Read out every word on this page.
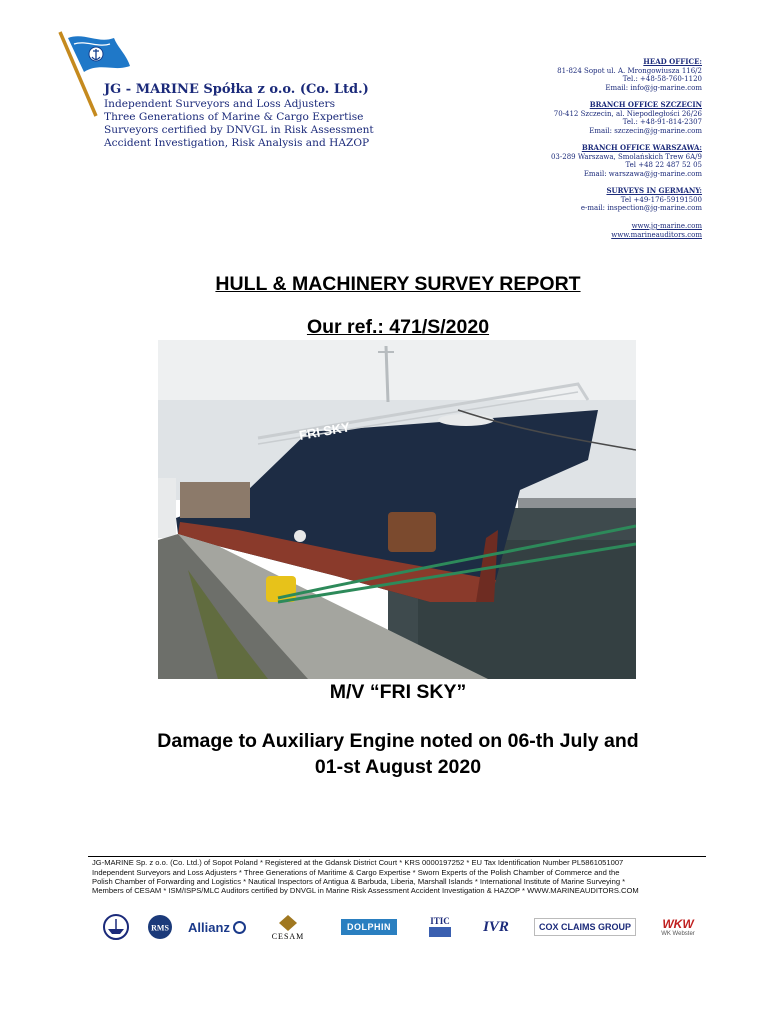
JG - MARINE Spółka z o.o. (Co. Ltd.)
Independent Surveyors and Loss Adjusters
Three Generations of Marine & Cargo Expertise
Surveyors certified by DNVGL in Risk Assessment
Accident Investigation, Risk Analysis and HAZOP
HEAD OFFICE:
81-824 Sopot ul. A. Mrongowiusza 116/2
Tel.: +48-58-760-1120
Email: info@jg-marine.com
BRANCH OFFICE SZCZECIN
70-412 Szczecin, al. Niepodległości 26/26
Tel.: +48-91-814-2307
Email: szczecin@jg-marine.com
BRANCH OFFICE WARSZAWA:
03-289 Warszawa, Smolańskich Trew 6A/9
Tel +48 22 487 52 05
Email: warszawa@jg-marine.com
SURVEYS IN GERMANY:
Tel +49-176-59191500
e-mail: inspection@jg-marine.com
www.jg-marine.com
www.marineauditors.com
HULL & MACHINERY SURVEY REPORT
Our ref.: 471/S/2020
FRI SKY
M/V “FRI SKY”
Damage to Auxiliary Engine noted on 06-th July and
01-st August 2020
JG-MARINE Sp. z o.o. (Co. Ltd.) of Sopot Poland * Registered at the Gdansk District Court * KRS 0000197252 * EU Tax Identification Number PL5861051007
Independent Surveyors and Loss Adjusters * Three Generations of Maritime & Cargo Expertise * Sworn Experts of the Polish Chamber of Commerce and the
Polish Chamber of Forwarding and Logistics * Nautical Inspectors of Antigua & Barbuda, Liberia, Marshall Islands * International Institute of Marine Surveying *
Members of CESAM * ISM/ISPS/MLC Auditors certified by DNVGL in Marine Risk Assessment Accident Investigation & HAZOP * WWW.MARINEAUDITORS.COM
RMS Allianz
CESAM
DOLPHIN
ITIC IVR	COX CLAIMS GROUP	WKW
WK Webster
